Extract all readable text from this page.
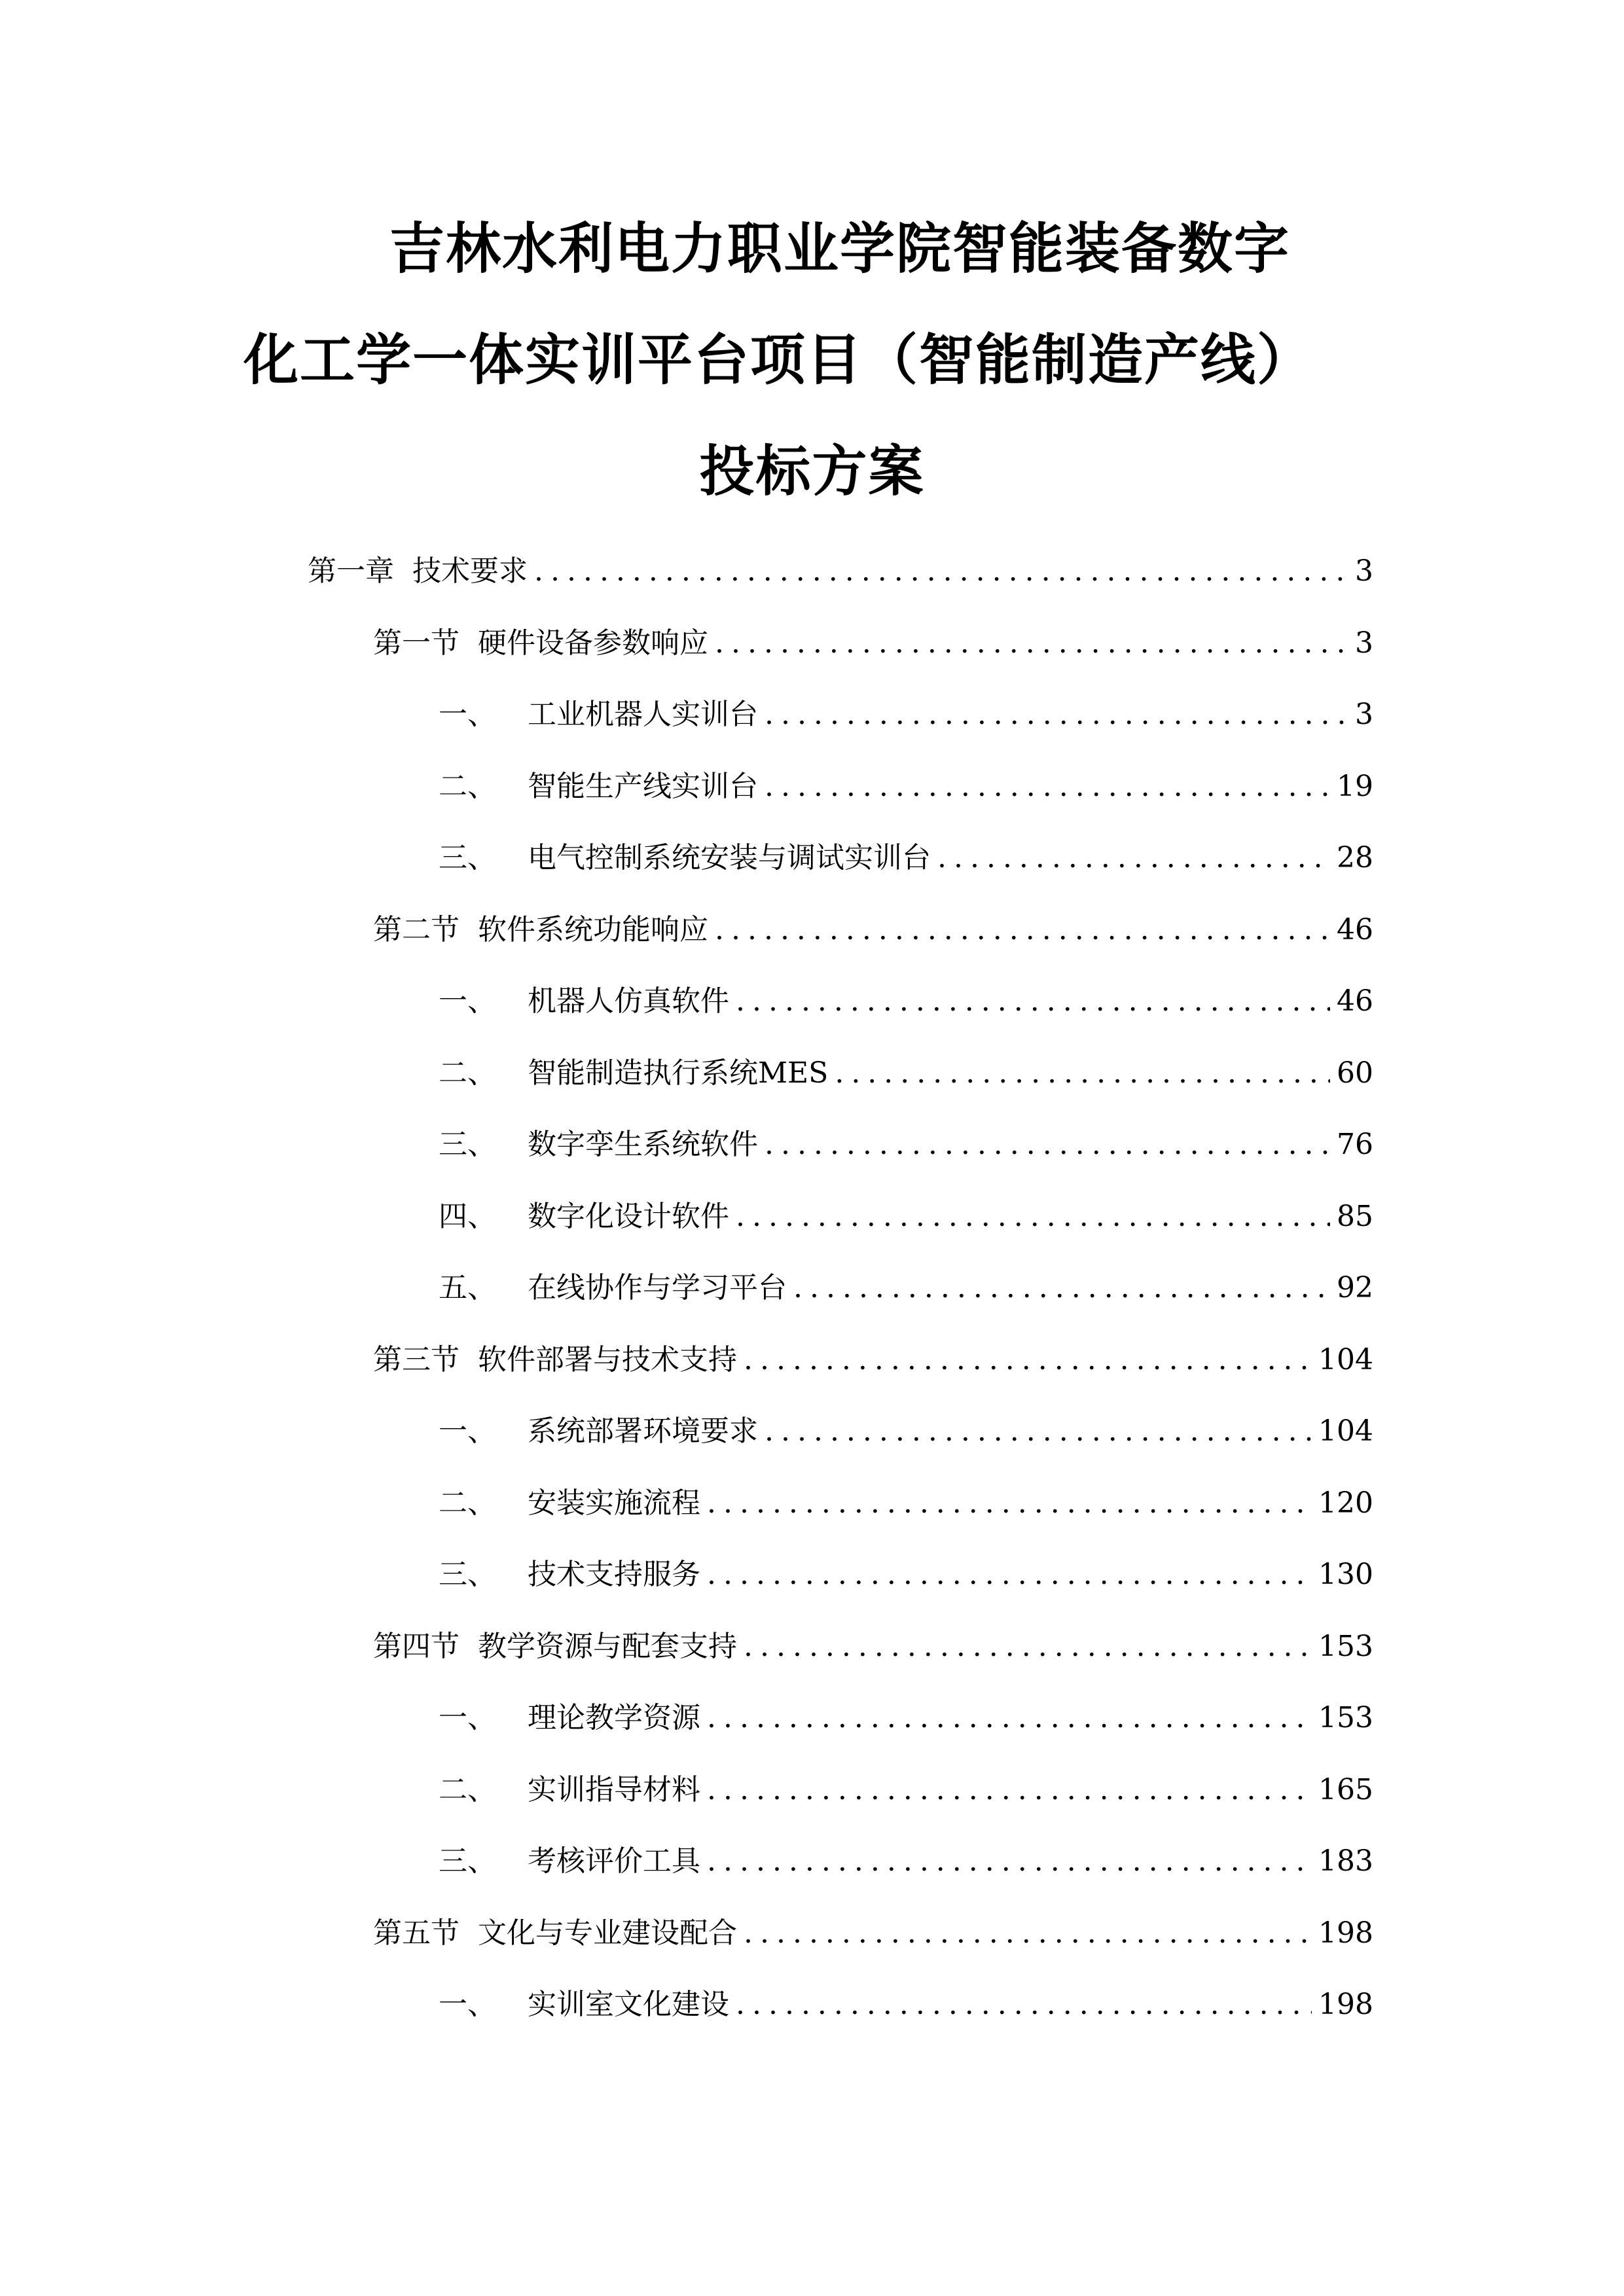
吉林水利电力职业学院智能装备数字
化工学一体实训平台项目（智能制造产线）
投标方案
第一章 技术要求 .....	3
第一节 硬件设备参数响应 .....	3
一、	工业机器人实训台 .....	3
二、	智能生产线实训台 .....	19
三、	电气控制系统安装与调试实训台 .....	28
第二节 软件系统功能响应 .....	46
一、	机器人仿真软件 .....	46
二、	智能制造执行系统MES .....	60
三、	数字孪生系统软件 .....	76
四、	数字化设计软件 .....	85
五、	在线协作与学习平台 .....	92
第三节 软件部署与技术支持 .....	104
一、	系统部署环境要求 .....	104
二、	安装实施流程 .....	120
三、	技术支持服务 .....	130
第四节 教学资源与配套支持 .....	153
一、	理论教学资源 .....	153
二、	实训指导材料 .....	165
三、	考核评价工具 .....	183
第五节 文化与专业建设配合 .....	198
一、	实训室文化建设 .....	198
